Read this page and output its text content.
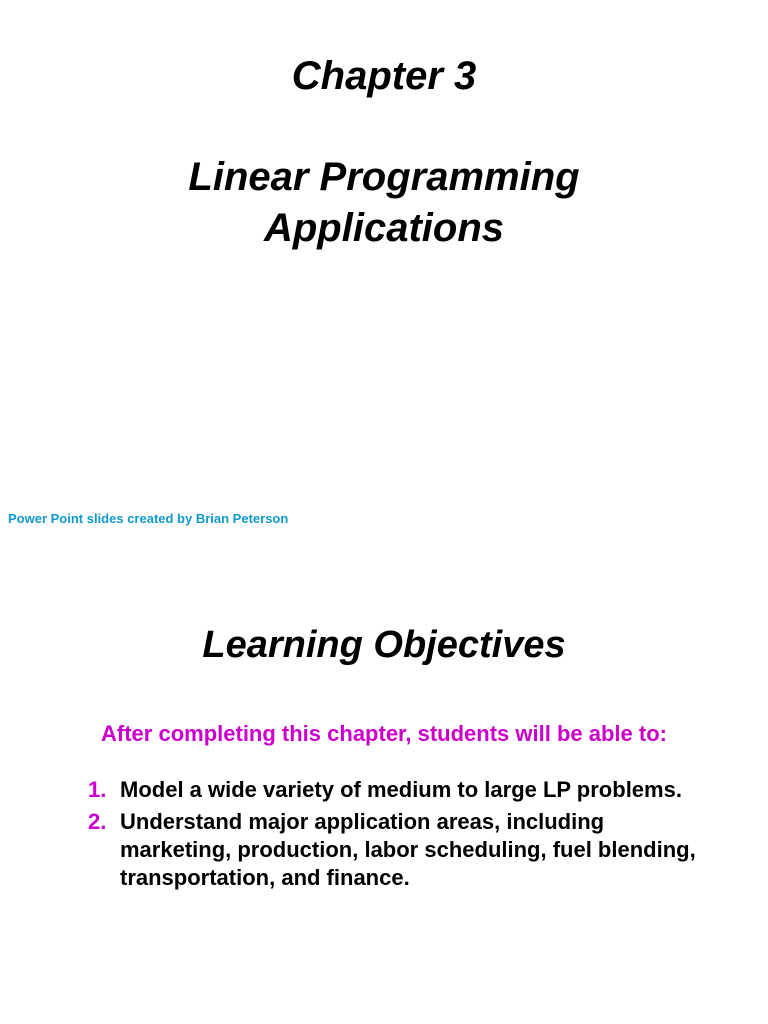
Chapter 3
Linear Programming
Applications
Power Point slides created by Brian Peterson
Learning Objectives
After completing this chapter, students will be able to:
1. Model a wide variety of medium to large LP problems.
2. Understand major application areas, including marketing, production, labor scheduling, fuel blending, transportation, and finance.
